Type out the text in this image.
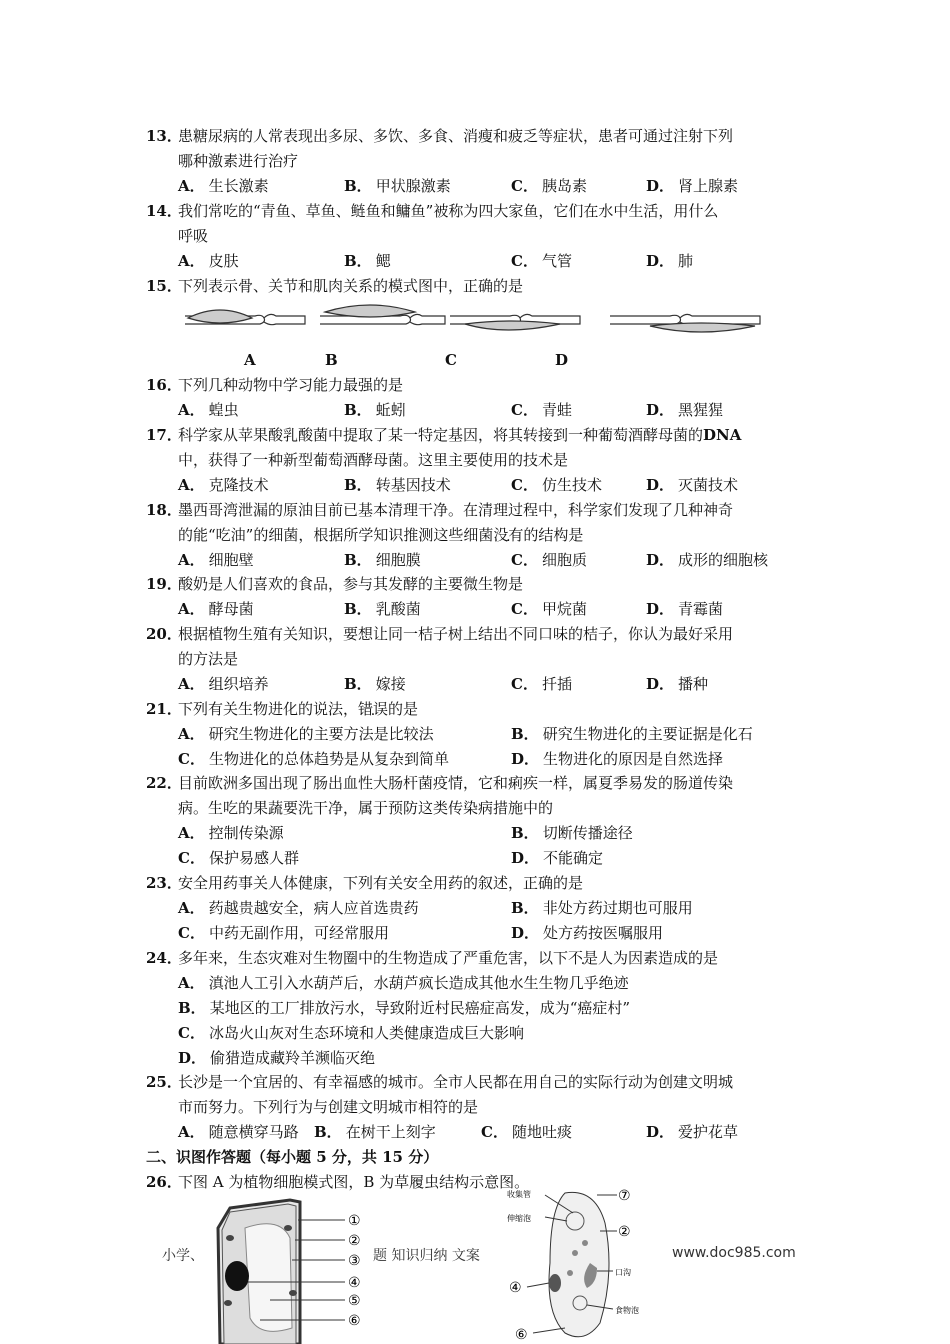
13．患糖尿病的人常表现出多尿、多饮、多食、消瘦和疲乏等症状，患者可通过注射下列
哪种激素进行治疗
A． 生长激素	B． 甲状腺激素	C． 胰岛素	D． 肾上腺素
14．我们常吃的“青鱼、草鱼、鲢鱼和鳙鱼”被称为四大家鱼，它们在水中生活，用什么
呼吸
A． 皮肤	B． 鳃	C． 气管	D． 肺
15．下列表示骨、关节和肌肉关系的模式图中，正确的是
A	B	C	D
16．下列几种动物中学习能力最强的是
A． 蝗虫	B． 蚯蚓	C． 青蛙	D． 黑猩猩
17．科学家从苹果酸乳酸菌中提取了某一特定基因，将其转接到一种葡萄酒酵母菌的DNA
中，获得了一种新型葡萄酒酵母菌。这里主要使用的技术是
A． 克隆技术	B． 转基因技术	C． 仿生技术	D． 灭菌技术
18．墨西哥湾泄漏的原油目前已基本清理干净。在清理过程中，科学家们发现了几种神奇
的能“吃油”的细菌，根据所学知识推测这些细菌没有的结构是
A． 细胞壁	B． 细胞膜	C． 细胞质	D． 成形的细胞核
19．酸奶是人们喜欢的食品，参与其发酵的主要微生物是
A． 酵母菌	B． 乳酸菌	C． 甲烷菌	D． 青霉菌
20．根据植物生殖有关知识，要想让同一桔子树上结出不同口味的桔子，你认为最好采用
的方法是
A． 组织培养	B． 嫁接	C． 扦插	D． 播种
21．下列有关生物进化的说法，错误的是
A． 研究生物进化的主要方法是比较法	B． 研究生物进化的主要证据是化石
C． 生物进化的总体趋势是从复杂到简单	D． 生物进化的原因是自然选择
22．目前欧洲多国出现了肠出血性大肠杆菌疫情，它和痢疾一样，属夏季易发的肠道传染
病。生吃的果蔬要洗干净，属于预防这类传染病措施中的
A． 控制传染源	B． 切断传播途径
C． 保护易感人群	D． 不能确定
23．安全用药事关人体健康，下列有关安全用药的叙述，正确的是
A． 药越贵越安全，病人应首选贵药	B． 非处方药过期也可服用
C． 中药无副作用，可经常服用	D． 处方药按医嘱服用
24．多年来，生态灾难对生物圈中的生物造成了严重危害，以下不是人为因素造成的是
A． 滇池人工引入水葫芦后，水葫芦疯长造成其他水生生物几乎绝迹
B． 某地区的工厂排放污水，导致附近村民癌症高发，成为“癌症村”
C． 冰岛火山灰对生态环境和人类健康造成巨大影响
D． 偷猎造成藏羚羊濒临灭绝
25．长沙是一个宜居的、有幸福感的城市。全市人民都在用自己的实际行动为创建文明城
市而努力。下列行为与创建文明城市相符的是
A． 随意横穿马路 B． 在树干上刻字	C． 随地吐痰	D． 爱护花草
二、识图作答题（每小题 5 分，共 15 分）
26．下图 A 为植物细胞模式图，B 为草履虫结构示意图。
①
②
③
④
⑤
⑥
收集管
伸缩泡
口沟
食物泡
⑦
②
④
⑥
小学、	题 知识归纳 文案	www.doc985.com
